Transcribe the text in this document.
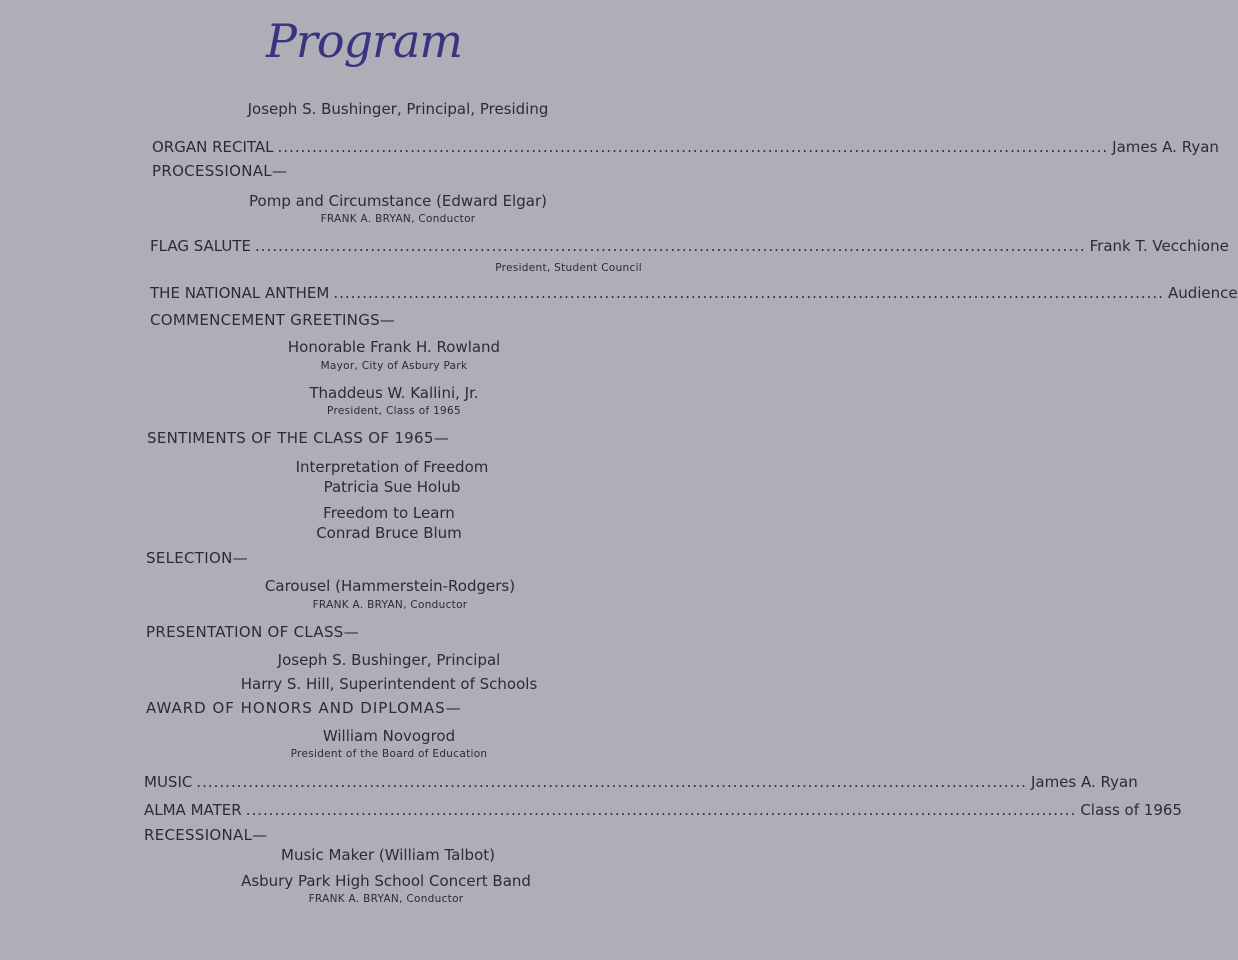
Program
Joseph S. Bushinger, Principal, Presiding
ORGAN RECITAL ................................................................................................................................................ James A. Ryan
PROCESSIONAL—
Pomp and Circumstance (Edward Elgar)
FRANK A. BRYAN, Conductor
FLAG SALUTE ................................................................................................................................................ Frank T. Vecchione
President, Student Council
THE NATIONAL ANTHEM ................................................................................................................................................ Audience
COMMENCEMENT GREETINGS—
Honorable Frank H. Rowland
Mayor, City of Asbury Park
Thaddeus W. Kallini, Jr.
President, Class of 1965
SENTIMENTS OF THE CLASS OF 1965—
Interpretation of Freedom
Patricia Sue Holub
Freedom to Learn
Conrad Bruce Blum
SELECTION—
Carousel (Hammerstein-Rodgers)
FRANK A. BRYAN, Conductor
PRESENTATION OF CLASS—
Joseph S. Bushinger, Principal
Harry S. Hill, Superintendent of Schools
AWARD OF HONORS AND DIPLOMAS—
William Novogrod
President of the Board of Education
MUSIC ................................................................................................................................................ James A. Ryan
ALMA MATER ................................................................................................................................................ Class of 1965
RECESSIONAL—
Music Maker (William Talbot)
Asbury Park High School Concert Band
FRANK A. BRYAN, Conductor
